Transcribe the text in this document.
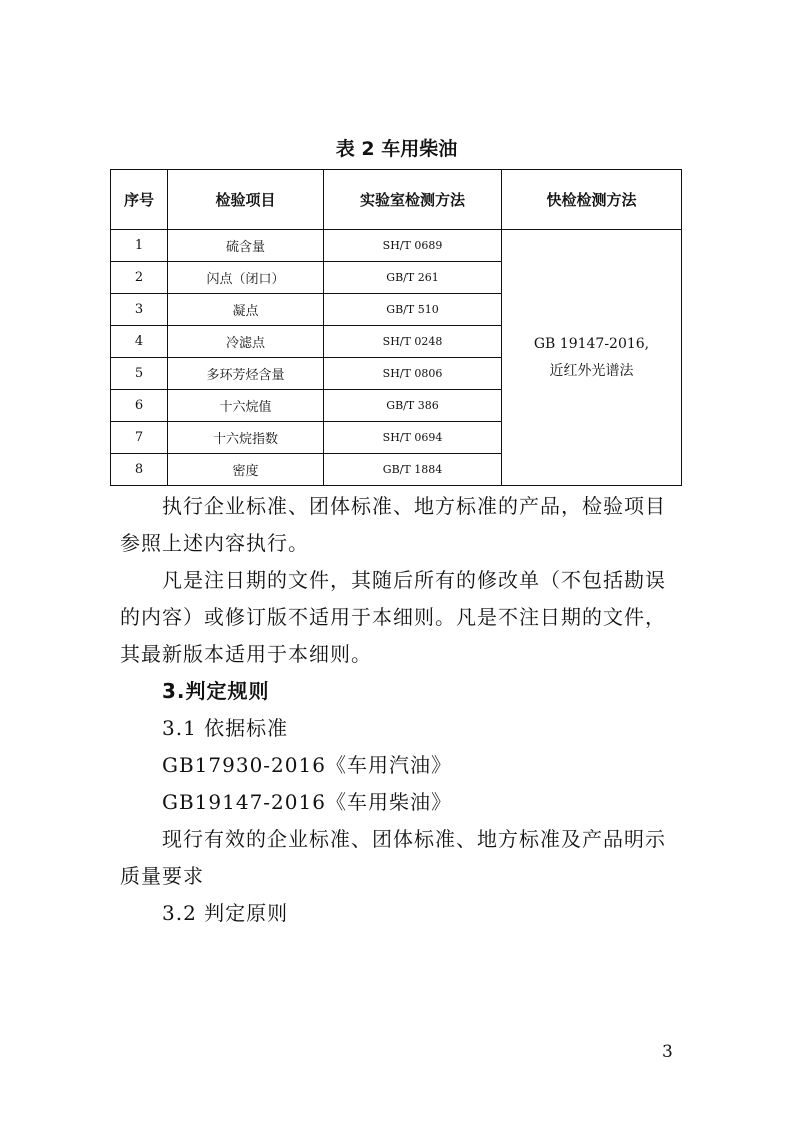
表 2 车用柴油
序号	检验项目	实验室检测方法	快检检测方法
1	硫含量	SH/T 0689	GB 19147-2016,
近红外光谱法
2	闪点（闭口）	GB/T 261	
3	凝点	GB/T 510	
4	冷滤点	SH/T 0248	
5	多环芳烃含量	SH/T 0806	
6	十六烷值	GB/T 386	
7	十六烷指数	SH/T 0694	
8	密度	GB/T 1884	
执行企业标准、团体标准、地方标准的产品，检验项目参照上述内容执行。
凡是注日期的文件，其随后所有的修改单（不包括勘误的内容）或修订版不适用于本细则。凡是不注日期的文件，其最新版本适用于本细则。
3.判定规则
3.1 依据标准
GB17930-2016《车用汽油》
GB19147-2016《车用柴油》
现行有效的企业标准、团体标准、地方标准及产品明示质量要求
3.2 判定原则
3
